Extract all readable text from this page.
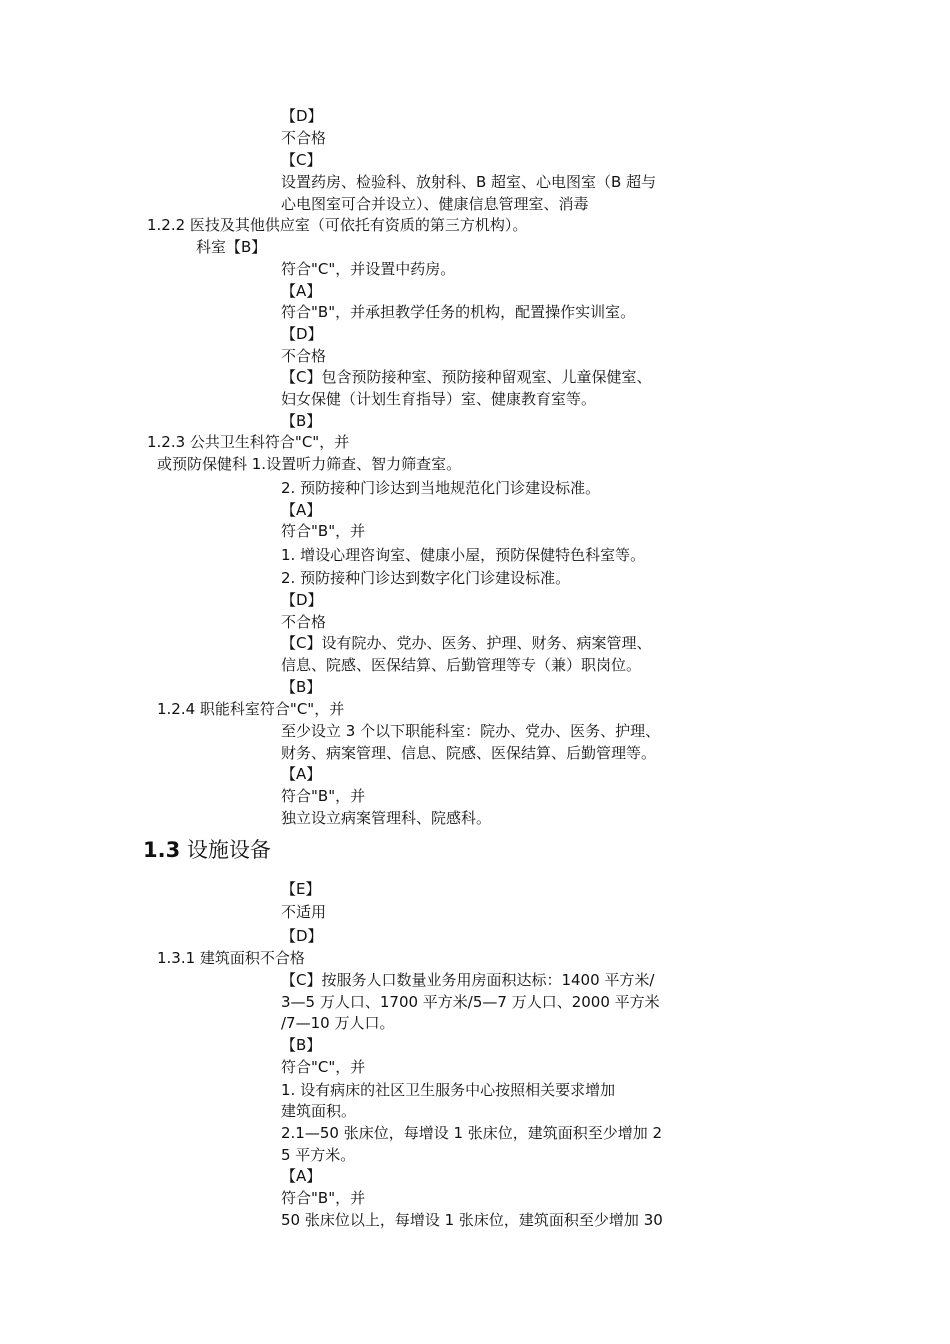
【D】
不合格
【C】
设置药房、检验科、放射科、B 超室、心电图室（B 超与
心电图室可合并设立）、健康信息管理室、消毒
1.2.2 医技及其他供应室（可依托有资质的第三方机构）。
科室【B】
符合"C"，并设置中药房。
【A】
符合"B"，并承担教学任务的机构，配置操作实训室。
【D】
不合格
【C】包含预防接种室、预防接种留观室、儿童保健室、
妇女保健（计划生育指导）室、健康教育室等。
【B】
1.2.3 公共卫生科符合"C"，并
或预防保健科 1.设置听力筛查、智力筛查室。
2. 预防接种门诊达到当地规范化门诊建设标准。
【A】
符合"B"，并
1. 增设心理咨询室、健康小屋，预防保健特色科室等。
2. 预防接种门诊达到数字化门诊建设标准。
【D】
不合格
【C】设有院办、党办、医务、护理、财务、病案管理、
信息、院感、医保结算、后勤管理等专（兼）职岗位。
【B】
1.2.4 职能科室符合"C"，并
至少设立 3 个以下职能科室：院办、党办、医务、护理、
财务、病案管理、信息、院感、医保结算、后勤管理等。
【A】
符合"B"，并
独立设立病案管理科、院感科。
1.3 设施设备
【E】
不适用
【D】
1.3.1 建筑面积不合格
【C】按服务人口数量业务用房面积达标：1400 平方米/
3—5 万人口、1700 平方米/5—7 万人口、2000 平方米
/7—10 万人口。
【B】
符合"C"，并
1. 设有病床的社区卫生服务中心按照相关要求增加
建筑面积。
2.1—50 张床位，每增设 1 张床位，建筑面积至少增加 2
5 平方米。
【A】
符合"B"，并
50 张床位以上，每增设 1 张床位，建筑面积至少增加 30
